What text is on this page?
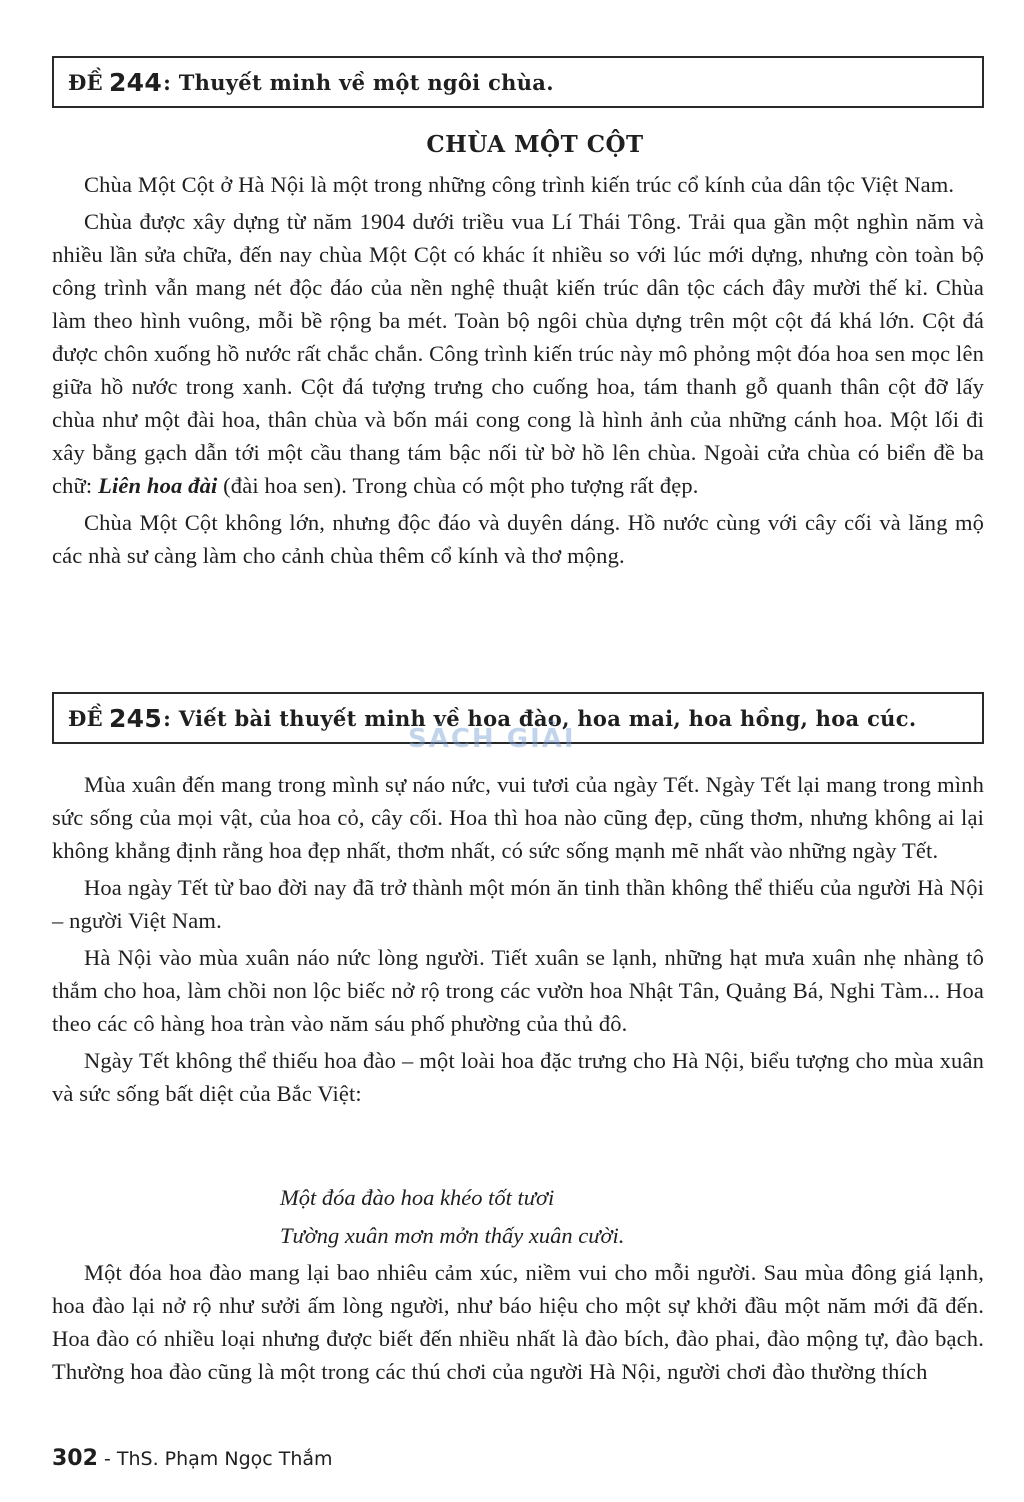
ĐỀ 244 : Thuyết minh về một ngôi chùa.
CHÙA MỘT CỘT

Chùa Một Cột ở Hà Nội là một trong những công trình kiến trúc cổ kính của dân tộc Việt Nam.

Chùa được xây dựng từ năm 1904 dưới triều vua Lí Thái Tông. Trải qua gần một nghìn năm và nhiều lần sửa chữa, đến nay chùa Một Cột có khác ít nhiều so với lúc mới dựng, nhưng còn toàn bộ công trình vẫn mang nét độc đáo của nền nghệ thuật kiến trúc dân tộc cách đây mười thế kỉ. Chùa làm theo hình vuông, mỗi bề rộng ba mét. Toàn bộ ngôi chùa dựng trên một cột đá khá lớn. Cột đá được chôn xuống hồ nước rất chắc chắn. Công trình kiến trúc này mô phỏng một đóa hoa sen mọc lên giữa hồ nước trong xanh. Cột đá tượng trưng cho cuống hoa, tám thanh gỗ quanh thân cột đỡ lấy chùa như một đài hoa, thân chùa và bốn mái cong cong là hình ảnh của những cánh hoa. Một lối đi xây bằng gạch dẫn tới một cầu thang tám bậc nối từ bờ hồ lên chùa. Ngoài cửa chùa có biển đề ba chữ: Liên hoa đài (đài hoa sen). Trong chùa có một pho tượng rất đẹp.

Chùa Một Cột không lớn, nhưng độc đáo và duyên dáng. Hồ nước cùng với cây cối và lăng mộ các nhà sư càng làm cho cảnh chùa thêm cổ kính và thơ mộng.

ĐỀ 245 : Viết bài thuyết minh về hoa đào, hoa mai, hoa hồng, hoa cúc.
SÁCH GIẢI

Mùa xuân đến mang trong mình sự náo nức, vui tươi của ngày Tết. Ngày Tết lại mang trong mình sức sống của mọi vật, của hoa cỏ, cây cối. Hoa thì hoa nào cũng đẹp, cũng thơm, nhưng không ai lại không khẳng định rằng hoa đẹp nhất, thơm nhất, có sức sống mạnh mẽ nhất vào những ngày Tết.

Hoa ngày Tết từ bao đời nay đã trở thành một món ăn tinh thần không thể thiếu của người Hà Nội – người Việt Nam.

Hà Nội vào mùa xuân náo nức lòng người. Tiết xuân se lạnh, những hạt mưa xuân nhẹ nhàng tô thắm cho hoa, làm chồi non lộc biếc nở rộ trong các vườn hoa Nhật Tân, Quảng Bá, Nghi Tàm... Hoa theo các cô hàng hoa tràn vào năm sáu phố phường của thủ đô.

Ngày Tết không thể thiếu hoa đào – một loài hoa đặc trưng cho Hà Nội, biểu tượng cho mùa xuân và sức sống bất diệt của Bắc Việt:

Một đóa đào hoa khéo tốt tươi
Tường xuân mơn mởn thấy xuân cười.

Một đóa hoa đào mang lại bao nhiêu cảm xúc, niềm vui cho mỗi người. Sau mùa đông giá lạnh, hoa đào lại nở rộ như sưởi ấm lòng người, như báo hiệu cho một sự khởi đầu một năm mới đã đến. Hoa đào có nhiều loại nhưng được biết đến nhiều nhất là đào bích, đào phai, đào mộng tự, đào bạch. Thường hoa đào cũng là một trong các thú chơi của người Hà Nội, người chơi đào thường thích

302 - ThS. Phạm Ngọc Thắm
